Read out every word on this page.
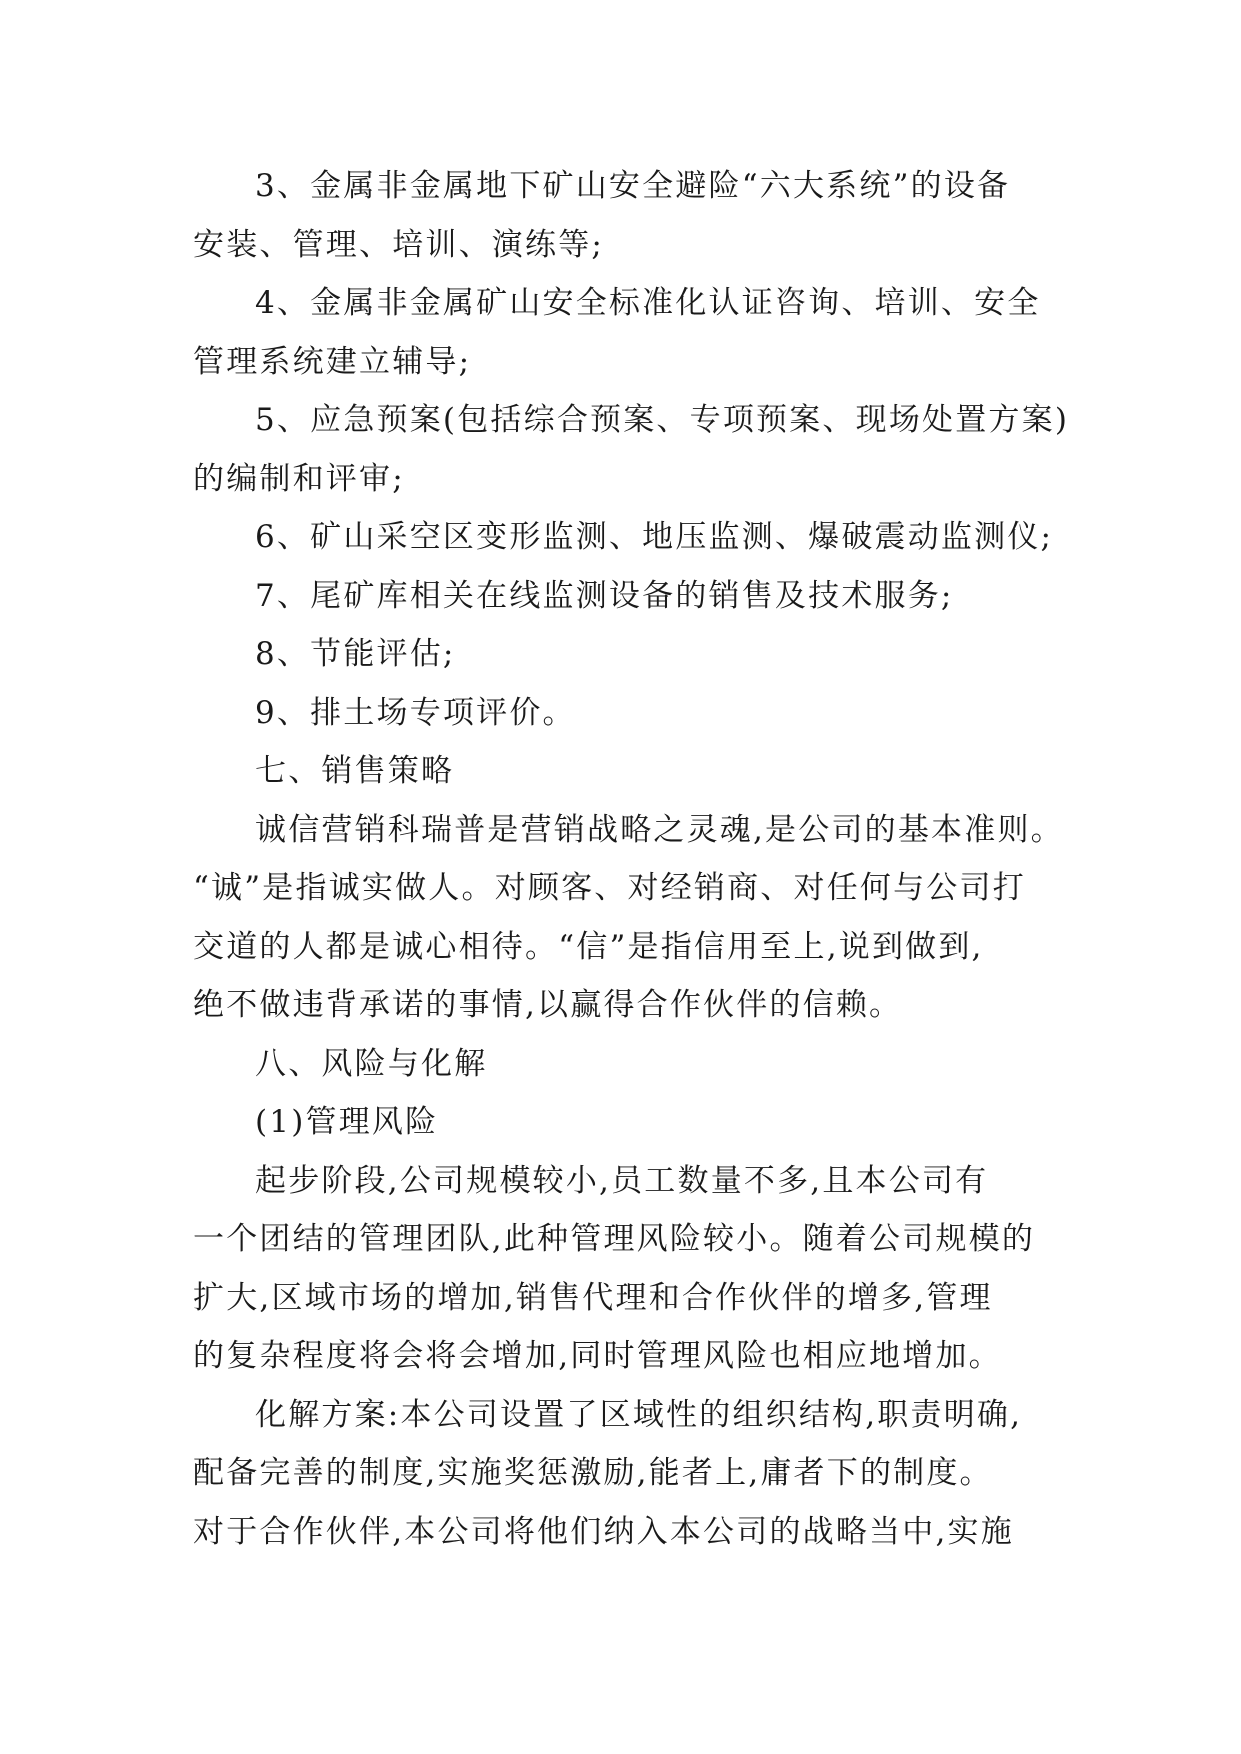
3、金属非金属地下矿山安全避险“六大系统”的设备

安装、管理、培训、演练等;

4、金属非金属矿山安全标准化认证咨询、培训、安全

管理系统建立辅导;

5、应急预案(包括综合预案、专项预案、现场处置方案)

的编制和评审;

6、矿山采空区变形监测、地压监测、爆破震动监测仪;

7、尾矿库相关在线监测设备的销售及技术服务;

8、节能评估;

9、排土场专项评价。

七、销售策略

诚信营销科瑞普是营销战略之灵魂,是公司的基本准则。

“诚”是指诚实做人。对顾客、对经销商、对任何与公司打

交道的人都是诚心相待。“信”是指信用至上,说到做到,

绝不做违背承诺的事情,以赢得合作伙伴的信赖。

八、风险与化解

(1)管理风险

起步阶段,公司规模较小,员工数量不多,且本公司有

一个团结的管理团队,此种管理风险较小。随着公司规模的

扩大,区域市场的增加,销售代理和合作伙伴的增多,管理

的复杂程度将会将会增加,同时管理风险也相应地增加。

化解方案:本公司设置了区域性的组织结构,职责明确,

配备完善的制度,实施奖惩激励,能者上,庸者下的制度。

对于合作伙伴,本公司将他们纳入本公司的战略当中,实施
